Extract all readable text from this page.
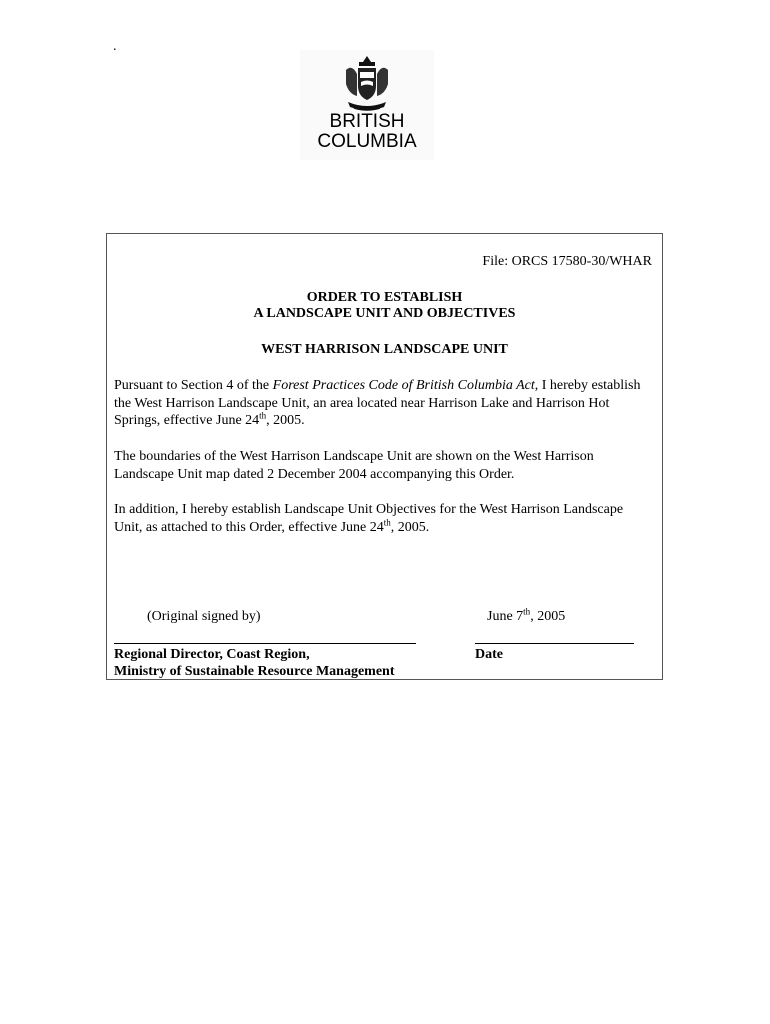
.
BRITISH
COLUMBIA
File: ORCS 17580-30/WHAR
ORDER TO ESTABLISH
A LANDSCAPE UNIT AND OBJECTIVES
WEST HARRISON LANDSCAPE UNIT
Pursuant to Section 4 of the Forest Practices Code of British Columbia Act, I hereby establish the West Harrison Landscape Unit, an area located near Harrison Lake and Harrison Hot Springs, effective June 24th, 2005.
The boundaries of the West Harrison Landscape Unit are shown on the West Harrison Landscape Unit map dated 2 December 2004 accompanying this Order.
In addition, I hereby establish Landscape Unit Objectives for the West Harrison Landscape Unit, as attached to this Order, effective June 24th, 2005.
(Original signed by)	June 7th, 2005
Regional Director, Coast Region,
Ministry of Sustainable Resource Management
Date
